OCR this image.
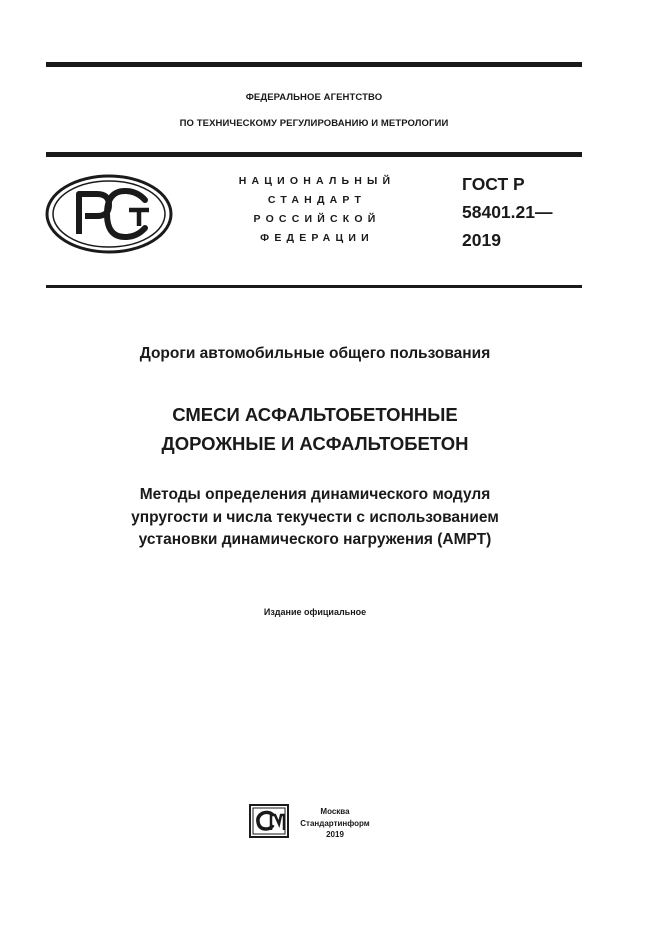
ФЕДЕРАЛЬНОЕ АГЕНТСТВО
ПО ТЕХНИЧЕСКОМУ РЕГУЛИРОВАНИЮ И МЕТРОЛОГИИ
НАЦИОНАЛЬНЫЙ
СТАНДАРТ
РОССИЙСКОЙ
ФЕДЕРАЦИИ
ГОСТ Р
58401.21—
2019
Дороги автомобильные общего пользования
СМЕСИ АСФАЛЬТОБЕТОННЫЕ
ДОРОЖНЫЕ И АСФАЛЬТОБЕТОН
Методы определения динамического модуля
упругости и числа текучести с использованием
установки динамического нагружения (АМРТ)
Издание официальное
Москва
Стандартинформ
2019
